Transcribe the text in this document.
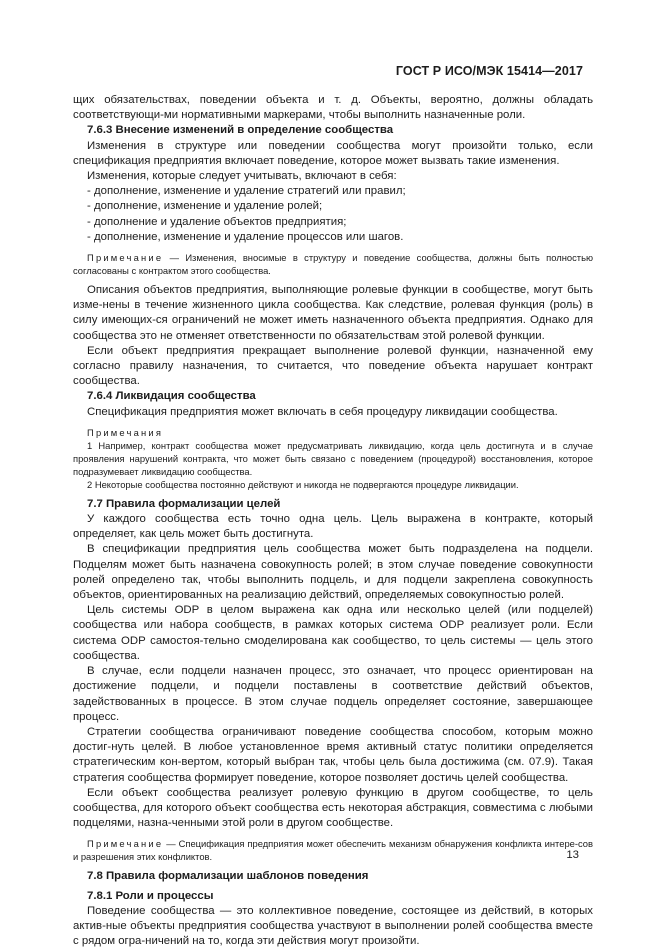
ГОСТ Р ИСО/МЭК 15414—2017

щих обязательствах, поведении объекта и т. д. Объекты, вероятно, должны обладать соответствующи-ми нормативными маркерами, чтобы выполнить назначенные роли.

7.6.3 Внесение изменений в определение сообщества

Изменения в структуре или поведении сообщества могут произойти только, если спецификация предприятия включает поведение, которое может вызвать такие изменения.

Изменения, которые следует учитывать, включают в себя:

- дополнение, изменение и удаление стратегий или правил;

- дополнение, изменение и удаление ролей;

- дополнение и удаление объектов предприятия;

- дополнение, изменение и удаление процессов или шагов.

Примечание — Изменения, вносимые в структуру и поведение сообщества, должны быть полностью согласованы с контрактом этого сообщества.

Описания объектов предприятия, выполняющие ролевые функции в сообществе, могут быть изме-нены в течение жизненного цикла сообщества. Как следствие, ролевая функция (роль) в силу имеющих-ся ограничений не может иметь назначенного объекта предприятия. Однако для сообщества это не отменяет ответственности по обязательствам этой ролевой функции.

Если объект предприятия прекращает выполнение ролевой функции, назначенной ему согласно правилу назначения, то считается, что поведение объекта нарушает контракт сообщества.

7.6.4 Ликвидация сообщества

Спецификация предприятия может включать в себя процедуру ликвидации сообщества.

Примечания

1 Например, контракт сообщества может предусматривать ликвидацию, когда цель достигнута и в случае проявления нарушений контракта, что может быть связано с поведением (процедурой) восстановления, которое подразумевает ликвидацию сообщества.

2 Некоторые сообщества постоянно действуют и никогда не подвергаются процедуре ликвидации.

7.7 Правила формализации целей

У каждого сообщества есть точно одна цель. Цель выражена в контракте, который определяет, как цель может быть достигнута.

В спецификации предприятия цель сообщества может быть подразделена на подцели. Подцелям может быть назначена совокупность ролей; в этом случае поведение совокупности ролей определено так, чтобы выполнить подцель, и для подцели закреплена совокупность объектов, ориентированных на реализацию действий, определяемых совокупностью ролей.

Цель системы ODP в целом выражена как одна или несколько целей (или подцелей) сообщества или набора сообществ, в рамках которых система ODP реализует роли. Если система ODP самостоя-тельно смоделирована как сообщество, то цель системы — цель этого сообщества.

В случае, если подцели назначен процесс, это означает, что процесс ориентирован на достижение подцели, и подцели поставлены в соответствие действий объектов, задействованных в процессе. В этом случае подцель определяет состояние, завершающее процесс.

Стратегии сообщества ограничивают поведение сообщества способом, которым можно достиг-нуть целей. В любое установленное время активный статус политики определяется стратегическим кон-вертом, который выбран так, чтобы цель была достижима (см. 07.9). Такая стратегия сообщества формирует поведение, которое позволяет достичь целей сообщества.

Если объект сообщества реализует ролевую функцию в другом сообществе, то цель сообщества, для которого объект сообщества есть некоторая абстракция, совместима с любыми подцелями, назна-ченными этой роли в другом сообществе.

Примечание — Спецификация предприятия может обеспечить механизм обнаружения конфликта интере-сов и разрешения этих конфликтов.

7.8 Правила формализации шаблонов поведения

7.8.1 Роли и процессы

Поведение сообщества — это коллективное поведение, состоящее из действий, в которых актив-ные объекты предприятия сообщества участвуют в выполнении ролей сообщества вместе с рядом огра-ничений на то, когда эти действия могут произойти.

13
